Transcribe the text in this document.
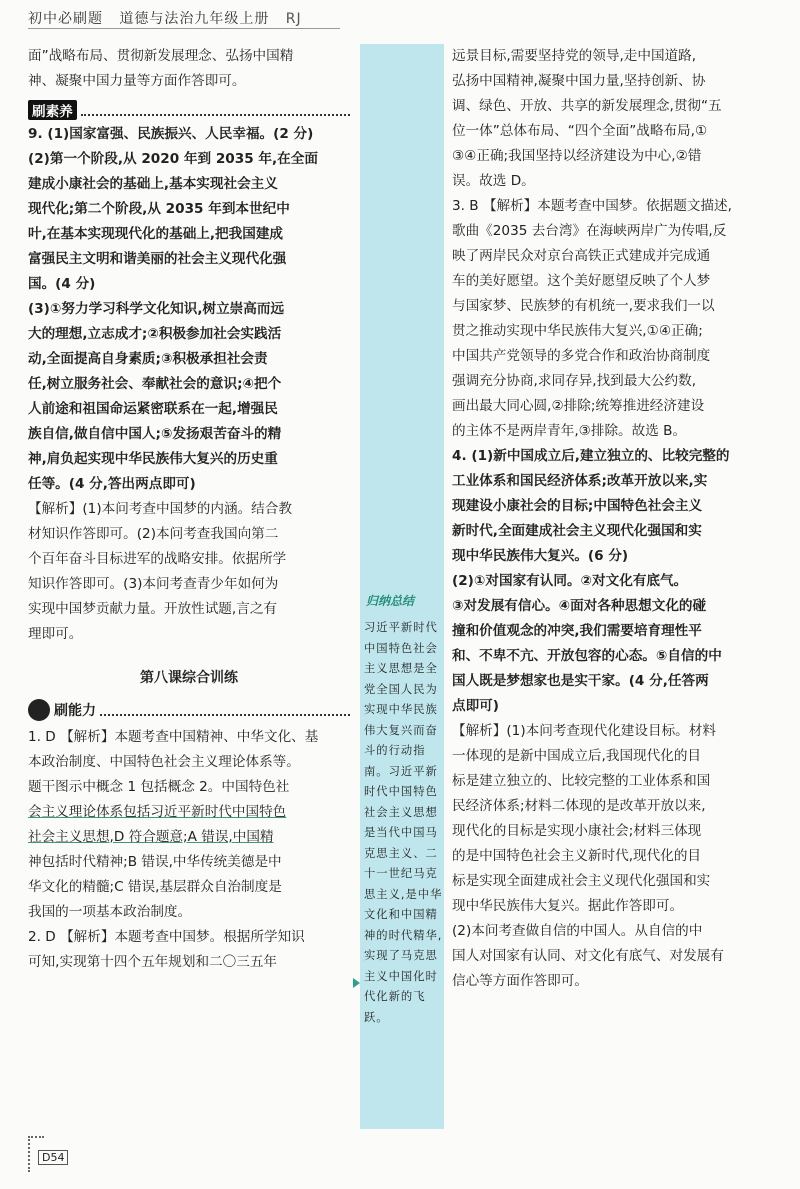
初中必刷题 道德与法治九年级上册 RJ

面”战略布局、贯彻新发展理念、弘扬中国精

神、凝聚中国力量等方面作答即可。

刷素养

9. (1)国家富强、民族振兴、人民幸福。(2 分)

(2)第一个阶段,从 2020 年到 2035 年,在全面

建成小康社会的基础上,基本实现社会主义

现代化;第二个阶段,从 2035 年到本世纪中

叶,在基本实现现代化的基础上,把我国建成

富强民主文明和谐美丽的社会主义现代化强

国。(4 分)

(3)①努力学习科学文化知识,树立崇高而远

大的理想,立志成才;②积极参加社会实践活

动,全面提高自身素质;③积极承担社会责

任,树立服务社会、奉献社会的意识;④把个

人前途和祖国命运紧密联系在一起,增强民

族自信,做自信中国人;⑤发扬艰苦奋斗的精

神,肩负起实现中华民族伟大复兴的历史重

任等。(4 分,答出两点即可)

【解析】(1)本问考查中国梦的内涵。结合教

材知识作答即可。(2)本问考查我国向第二

个百年奋斗目标进军的战略安排。依据所学

知识作答即可。(3)本问考查青少年如何为

实现中国梦贡献力量。开放性试题,言之有

理即可。

第八课综合训练
刷能力

1. D 【解析】本题考查中国精神、中华文化、基

本政治制度、中国特色社会主义理论体系等。

题干图示中概念 1 包括概念 2。中国特色社

会主义理论体系包括习近平新时代中国特色

社会主义思想,D 符合题意;A 错误,中国精

神包括时代精神;B 错误,中华传统美德是中

华文化的精髓;C 错误,基层群众自治制度是

我国的一项基本政治制度。

2. D 【解析】本题考查中国梦。根据所学知识

可知,实现第十四个五年规划和二〇三五年

归纳总结
习近平新时代中国特色社会主义思想是全党全国人民为实现中华民族伟大复兴而奋斗的行动指南。习近平新时代中国特色社会主义思想是当代中国马克思主义、二十一世纪马克思主义,是中华文化和中国精神的时代精华,实现了马克思主义中国化时代化新的飞跃。

远景目标,需要坚持党的领导,走中国道路,

弘扬中国精神,凝聚中国力量,坚持创新、协

调、绿色、开放、共享的新发展理念,贯彻“五

位一体”总体布局、“四个全面”战略布局,①

③④正确;我国坚持以经济建设为中心,②错

误。故选 D。

3. B 【解析】本题考查中国梦。依据题文描述,

歌曲《2035 去台湾》在海峡两岸广为传唱,反

映了两岸民众对京台高铁正式建成并完成通

车的美好愿望。这个美好愿望反映了个人梦

与国家梦、民族梦的有机统一,要求我们一以

贯之推动实现中华民族伟大复兴,①④正确;

中国共产党领导的多党合作和政治协商制度

强调充分协商,求同存异,找到最大公约数,

画出最大同心圆,②排除;统筹推进经济建设

的主体不是两岸青年,③排除。故选 B。

4. (1)新中国成立后,建立独立的、比较完整的

工业体系和国民经济体系;改革开放以来,实

现建设小康社会的目标;中国特色社会主义

新时代,全面建成社会主义现代化强国和实

现中华民族伟大复兴。(6 分)

(2)①对国家有认同。②对文化有底气。

③对发展有信心。④面对各种思想文化的碰

撞和价值观念的冲突,我们需要培育理性平

和、不卑不亢、开放包容的心态。⑤自信的中

国人既是梦想家也是实干家。(4 分,任答两

点即可)

【解析】(1)本问考查现代化建设目标。材料

一体现的是新中国成立后,我国现代化的目

标是建立独立的、比较完整的工业体系和国

民经济体系;材料二体现的是改革开放以来,

现代化的目标是实现小康社会;材料三体现

的是中国特色社会主义新时代,现代化的目

标是实现全面建成社会主义现代化强国和实

现中华民族伟大复兴。据此作答即可。

(2)本问考查做自信的中国人。从自信的中

国人对国家有认同、对文化有底气、对发展有

信心等方面作答即可。

D54
